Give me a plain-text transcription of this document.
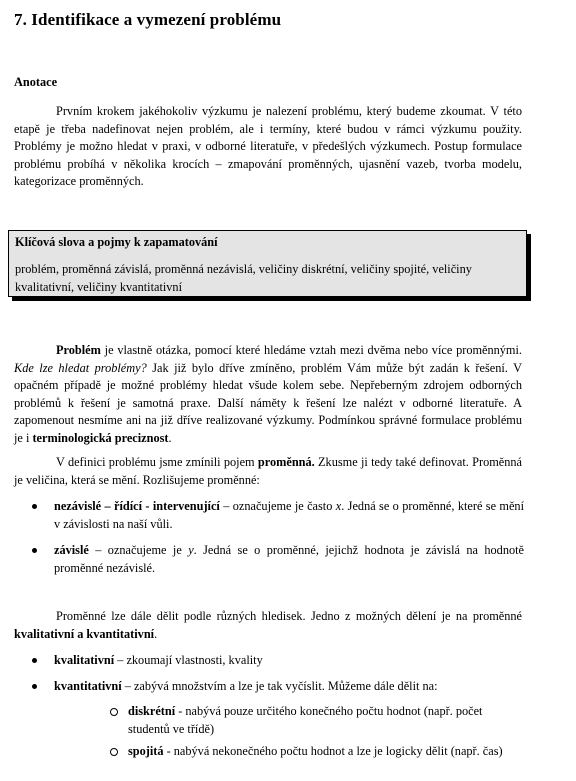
7. Identifikace a vymezení problému

Anotace

Prvním krokem jakéhokoliv výzkumu je nalezení problému, který budeme zkoumat. V této etapě je třeba nadefinovat nejen problém, ale i termíny, které budou v rámci výzkumu použity. Problémy je možno hledat v praxi, v odborné literatuře, v předešlých výzkumech. Postup formulace problému probíhá v několika krocích – zmapování proměnných, ujasnění vazeb, tvorba modelu, kategorizace proměnných.

Klíčová slova a pojmy k zapamatování

problém, proměnná závislá, proměnná nezávislá, veličiny diskrétní, veličiny spojité, veličiny kvalitativní, veličiny kvantitativní

Problém je vlastně otázka, pomocí které hledáme vztah mezi dvěma nebo více proměnnými. Kde lze hledat problémy? Jak již bylo dříve zmíněno, problém Vám může být zadán k řešení. V opačném případě je možné problémy hledat všude kolem sebe. Nepřeberným zdrojem odborných problémů k řešení je samotná praxe. Další náměty k řešení lze nalézt v odborné literatuře. A zapomenout nesmíme ani na již dříve realizované výzkumy. Podmínkou správné formulace problému je i terminologická preciznost.

V definici problému jsme zmínili pojem proměnná. Zkusme ji tedy také definovat. Proměnná je veličina, která se mění. Rozlišujeme proměnné:

nezávislé – řídící - intervenující – označujeme je často x. Jedná se o proměnné, které se mění v závislosti na naší vůli.

závislé – označujeme je y. Jedná se o proměnné, jejichž hodnota je závislá na hodnotě proměnné nezávislé.

Proměnné lze dále dělit podle různých hledisek. Jedno z možných dělení je na proměnné kvalitativní a kvantitativní.

kvalitativní – zkoumají vlastnosti, kvality

kvantitativní – zabývá množstvím a lze je tak vyčíslit. Můžeme dále dělit na:

diskrétní - nabývá pouze určitého konečného počtu hodnot (např. počet studentů ve třídě)

spojitá - nabývá nekonečného počtu hodnot a lze je logicky dělit (např. čas)
